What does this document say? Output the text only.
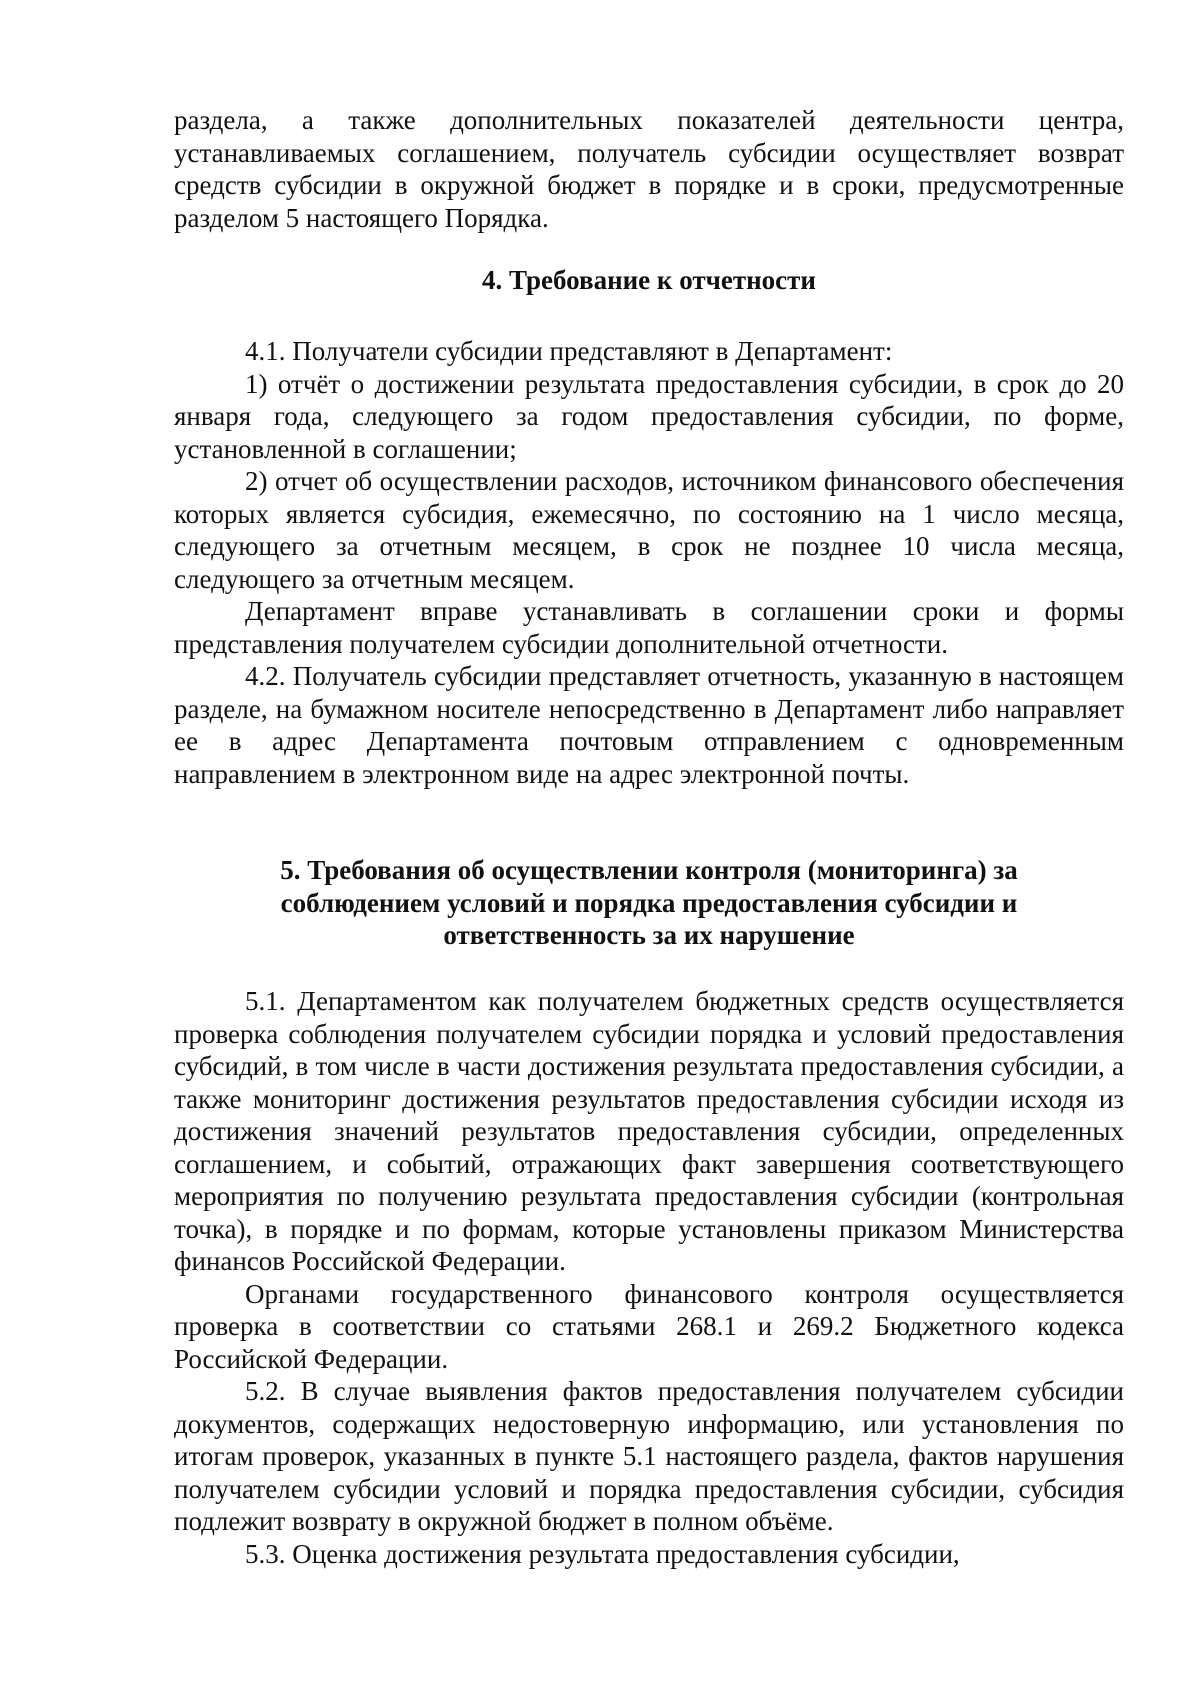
раздела, а также дополнительных показателей деятельности центра, устанавливаемых соглашением, получатель субсидии осуществляет возврат средств субсидии в окружной бюджет в порядке и в сроки, предусмотренные разделом 5 настоящего Порядка.

4. Требование к отчетности

4.1. Получатели субсидии представляют в Департамент:

1) отчёт о достижении результата предоставления субсидии, в срок до 20 января года, следующего за годом предоставления субсидии, по форме, установленной в соглашении;

2) отчет об осуществлении расходов, источником финансового обеспечения которых является субсидия, ежемесячно, по состоянию на 1 число месяца, следующего за отчетным месяцем, в срок не позднее 10 числа месяца, следующего за отчетным месяцем.

Департамент вправе устанавливать в соглашении сроки и формы представления получателем субсидии дополнительной отчетности.

4.2. Получатель субсидии представляет отчетность, указанную в настоящем разделе, на бумажном носителе непосредственно в Департамент либо направляет ее в адрес Департамента почтовым отправлением с одновременным направлением в электронном виде на адрес электронной почты.

5. Требования об осуществлении контроля (мониторинга) за
соблюдением условий и порядка предоставления субсидии и
ответственность за их нарушение

5.1. Департаментом как получателем бюджетных средств осуществляется проверка соблюдения получателем субсидии порядка и условий предоставления субсидий, в том числе в части достижения результата предоставления субсидии, а также мониторинг достижения результатов предоставления субсидии исходя из достижения значений результатов предоставления субсидии, определенных соглашением, и событий, отражающих факт завершения соответствующего мероприятия по получению результата предоставления субсидии (контрольная точка), в порядке и по формам, которые установлены приказом Министерства финансов Российской Федерации.

Органами государственного финансового контроля осуществляется проверка в соответствии со статьями 268.1 и 269.2 Бюджетного кодекса Российской Федерации.

5.2. В случае выявления фактов предоставления получателем субсидии документов, содержащих недостоверную информацию, или установления по итогам проверок, указанных в пункте 5.1 настоящего раздела, фактов нарушения получателем субсидии условий и порядка предоставления субсидии, субсидия подлежит возврату в окружной бюджет в полном объёме.

5.3. Оценка достижения результата предоставления субсидии,
